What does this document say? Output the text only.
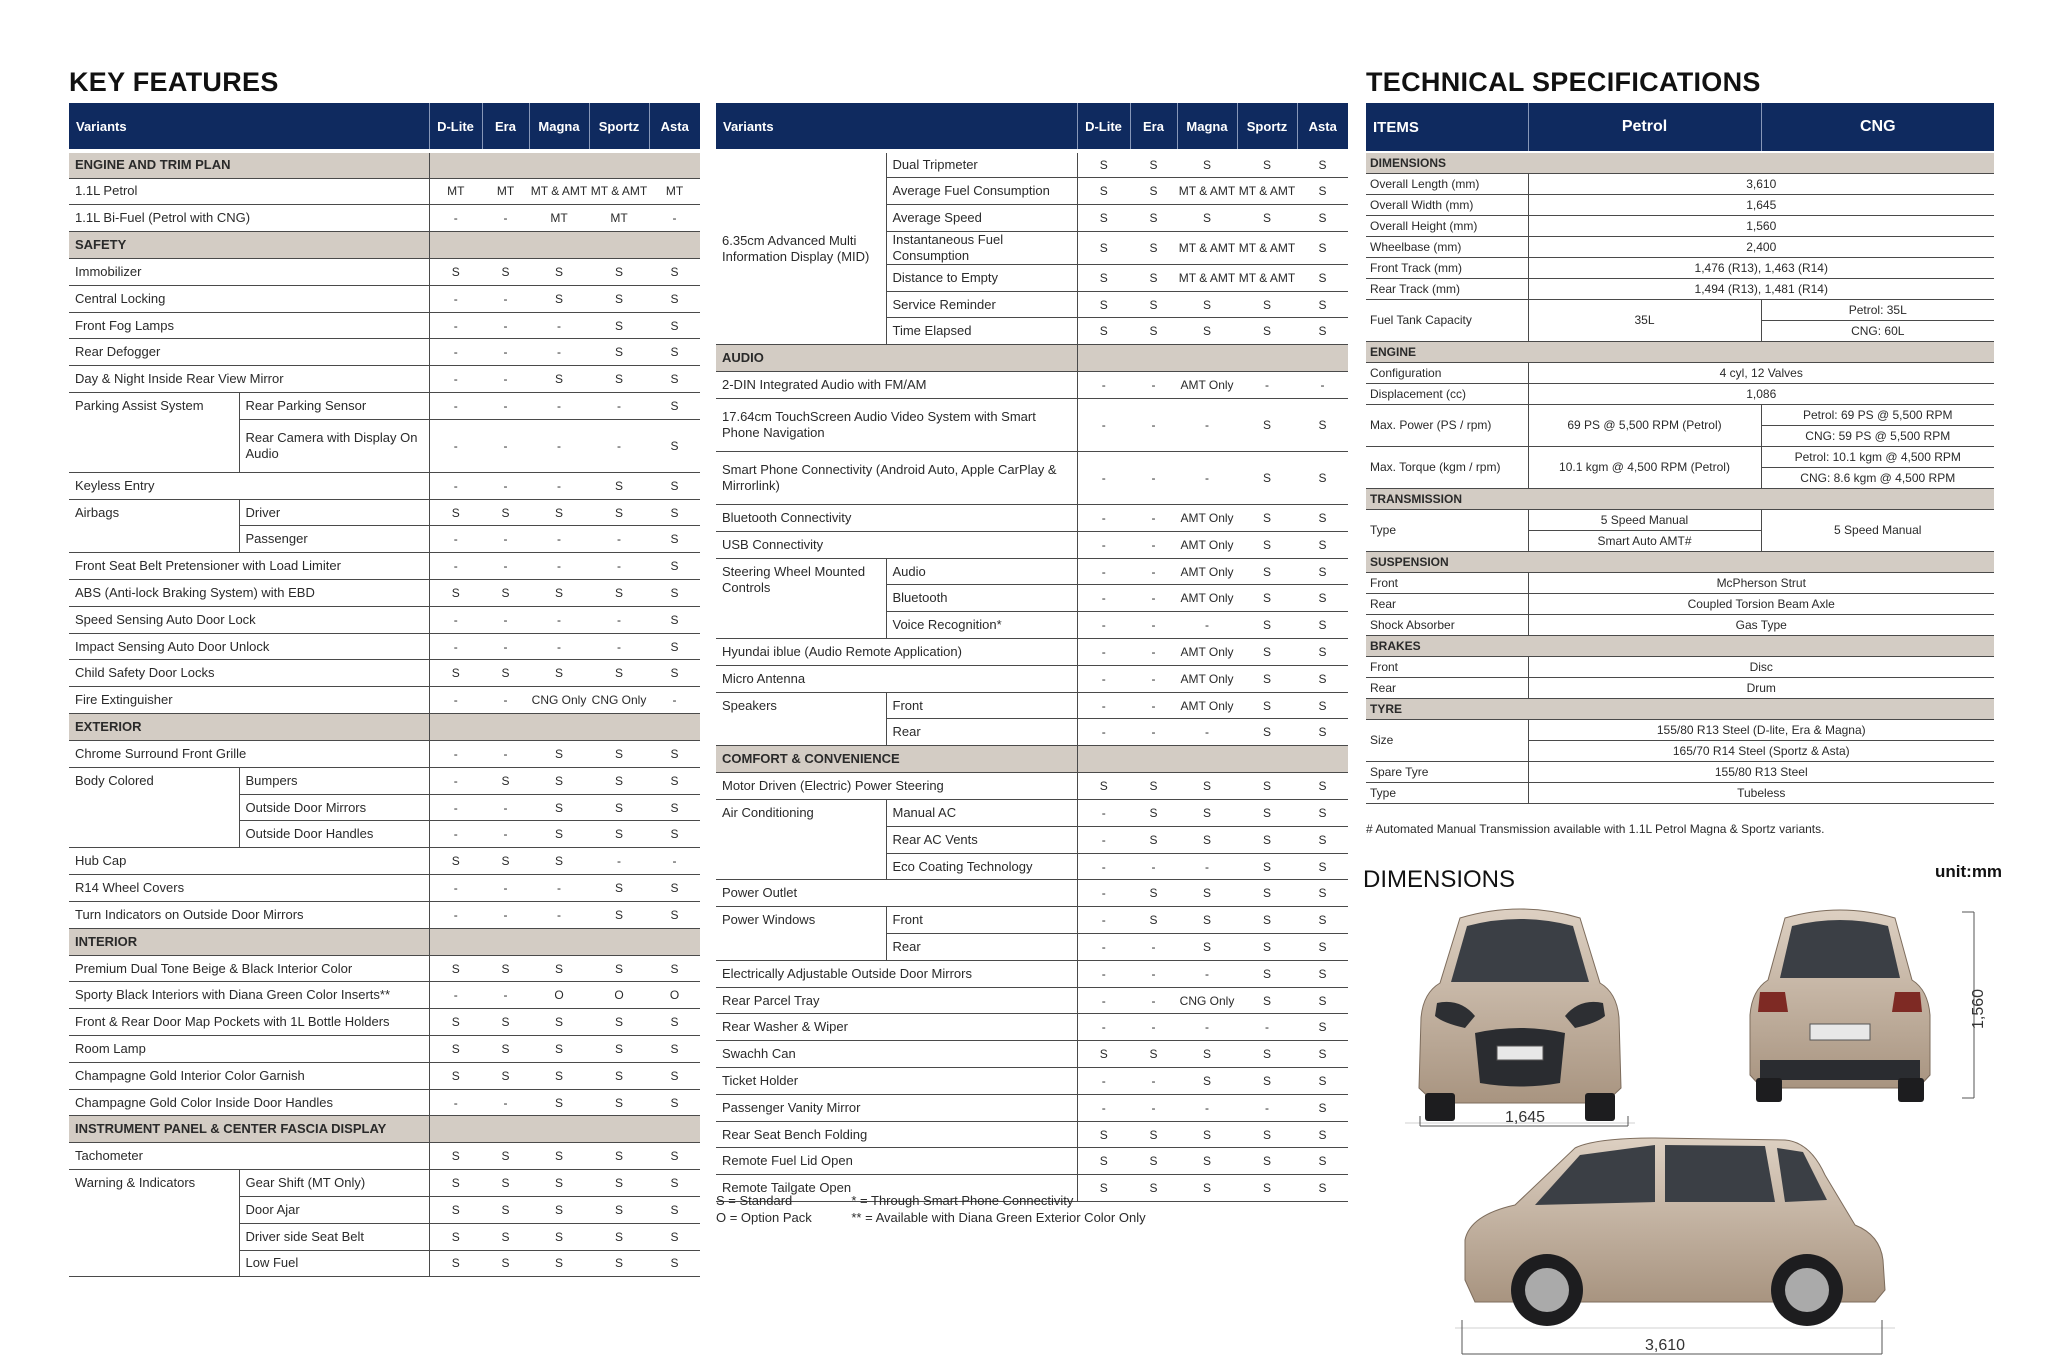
KEY FEATURES
Variants		D-Lite	Era	Magna	Sportz	Asta
ENGINE AND TRIM PLAN						
1.1L Petrol		MT	MT	MT & AMT	MT & AMT	MT
1.1L Bi-Fuel (Petrol with CNG)		-	-	MT	MT	-
SAFETY						
Immobilizer		S	S	S	S	S
Central Locking		-	-	S	S	S
Front Fog Lamps		-	-	-	S	S
Rear Defogger		-	-	-	S	S
Day & Night Inside Rear View Mirror		-	-	S	S	S
Parking Assist System	Rear Parking Sensor	-	-	-	-	S
	Rear Camera with Display On Audio	-	-	-	-	S
Keyless Entry		-	-	-	S	S
Airbags	Driver	S	S	S	S	S
	Passenger	-	-	-	-	S
Front Seat Belt Pretensioner with Load Limiter		-	-	-	-	S
ABS (Anti-lock Braking System) with EBD		S	S	S	S	S
Speed Sensing Auto Door Lock		-	-	-	-	S
Impact Sensing Auto Door Unlock		-	-	-	-	S
Child Safety Door Locks		S	S	S	S	S
Fire Extinguisher		-	-	CNG Only	CNG Only	-
EXTERIOR						
Chrome Surround Front Grille		-	-	S	S	S
Body Colored	Bumpers	-	S	S	S	S
	Outside Door Mirrors	-	-	S	S	S
	Outside Door Handles	-	-	S	S	S
Hub Cap		S	S	S	-	-
R14 Wheel Covers		-	-	-	S	S
Turn Indicators on Outside Door Mirrors		-	-	-	S	S
INTERIOR						
Premium Dual Tone Beige & Black Interior Color		S	S	S	S	S
Sporty Black Interiors with Diana Green Color Inserts**		-	-	O	O	O
Front & Rear Door Map Pockets with 1L Bottle Holders		S	S	S	S	S
Room Lamp		S	S	S	S	S
Champagne Gold Interior Color Garnish		S	S	S	S	S
Champagne Gold Color Inside Door Handles		-	-	S	S	S
INSTRUMENT PANEL & CENTER FASCIA DISPLAY						
Tachometer		S	S	S	S	S
Warning & Indicators	Gear Shift (MT Only)	S	S	S	S	S
	Door Ajar	S	S	S	S	S
	Driver side Seat Belt	S	S	S	S	S
	Low Fuel	S	S	S	S	S
Variants		D-Lite	Era	Magna	Sportz	Asta
6.35cm Advanced Multi Information Display (MID)	Dual Tripmeter	S	S	S	S	S
	Average Fuel Consumption	S	S	MT & AMT	MT & AMT	S
	Average Speed	S	S	S	S	S
	Instantaneous Fuel Consumption	S	S	MT & AMT	MT & AMT	S
	Distance to Empty	S	S	MT & AMT	MT & AMT	S
	Service Reminder	S	S	S	S	S
	Time Elapsed	S	S	S	S	S
AUDIO						
2-DIN Integrated Audio with FM/AM		-	-	AMT Only	-	-
17.64cm TouchScreen Audio Video System with Smart Phone Navigation		-	-	-	S	S
Smart Phone Connectivity (Android Auto, Apple CarPlay & Mirrorlink)		-	-	-	S	S
Bluetooth Connectivity		-	-	AMT Only	S	S
USB Connectivity		-	-	AMT Only	S	S
Steering Wheel Mounted Controls	Audio	-	-	AMT Only	S	S
	Bluetooth	-	-	AMT Only	S	S
	Voice Recognition*	-	-	-	S	S
Hyundai iblue (Audio Remote Application)		-	-	AMT Only	S	S
Micro Antenna		-	-	AMT Only	S	S
Speakers	Front	-	-	AMT Only	S	S
	Rear	-	-	-	S	S
COMFORT & CONVENIENCE						
Motor Driven (Electric) Power Steering		S	S	S	S	S
Air Conditioning	Manual AC	-	S	S	S	S
	Rear AC Vents	-	S	S	S	S
	Eco Coating Technology	-	-	-	S	S
Power Outlet		-	S	S	S	S
Power Windows	Front	-	S	S	S	S
	Rear	-	-	S	S	S
Electrically Adjustable Outside Door Mirrors		-	-	-	S	S
Rear Parcel Tray		-	-	CNG Only	S	S
Rear Washer & Wiper		-	-	-	-	S
Swachh Can		S	S	S	S	S
Ticket Holder		-	-	S	S	S
Passenger Vanity Mirror		-	-	-	-	S
Rear Seat Bench Folding		S	S	S	S	S
Remote Fuel Lid Open		S	S	S	S	S
Remote Tailgate Open		S	S	S	S	S
S = Standard
O = Option Pack

* = Through Smart Phone Connectivity
** = Available with Diana Green Exterior Color Only
TECHNICAL SPECIFICATIONS
ITEMS	Petrol	CNG
DIMENSIONS		
Overall Length (mm)	3,610	
Overall Width (mm)	1,645	
Overall Height (mm)	1,560	
Wheelbase (mm)	2,400	
Front Track (mm)	1,476 (R13), 1,463 (R14)	
Rear Track (mm)	1,494 (R13), 1,481 (R14)	
Fuel Tank Capacity	35L	Petrol: 35L
		CNG: 60L
ENGINE		
Configuration	4 cyl, 12 Valves	
Displacement (cc)	1,086	
Max. Power (PS / rpm)	69 PS @ 5,500 RPM (Petrol)	Petrol: 69 PS @ 5,500 RPM
		CNG: 59 PS @ 5,500 RPM
Max. Torque (kgm / rpm)	10.1 kgm @ 4,500 RPM (Petrol)	Petrol: 10.1 kgm @ 4,500 RPM
		CNG: 8.6 kgm @ 4,500 RPM
TRANSMISSION		
Type	5 Speed Manual	5 Speed Manual
	Smart Auto AMT#	
SUSPENSION		
Front	McPherson Strut	
Rear	Coupled Torsion Beam Axle	
Shock Absorber	Gas Type	
BRAKES		
Front	Disc	
Rear	Drum	
TYRE		
Size	155/80 R13 Steel (D-lite, Era & Magna)	
	165/70 R14 Steel (Sportz & Asta)	
Spare Tyre	155/80 R13 Steel	
Type	Tubeless	
# Automated Manual Transmission available with 1.1L Petrol Magna & Sportz variants.
DIMENSIONS	unit:mm
1,645
1,560
3,610
